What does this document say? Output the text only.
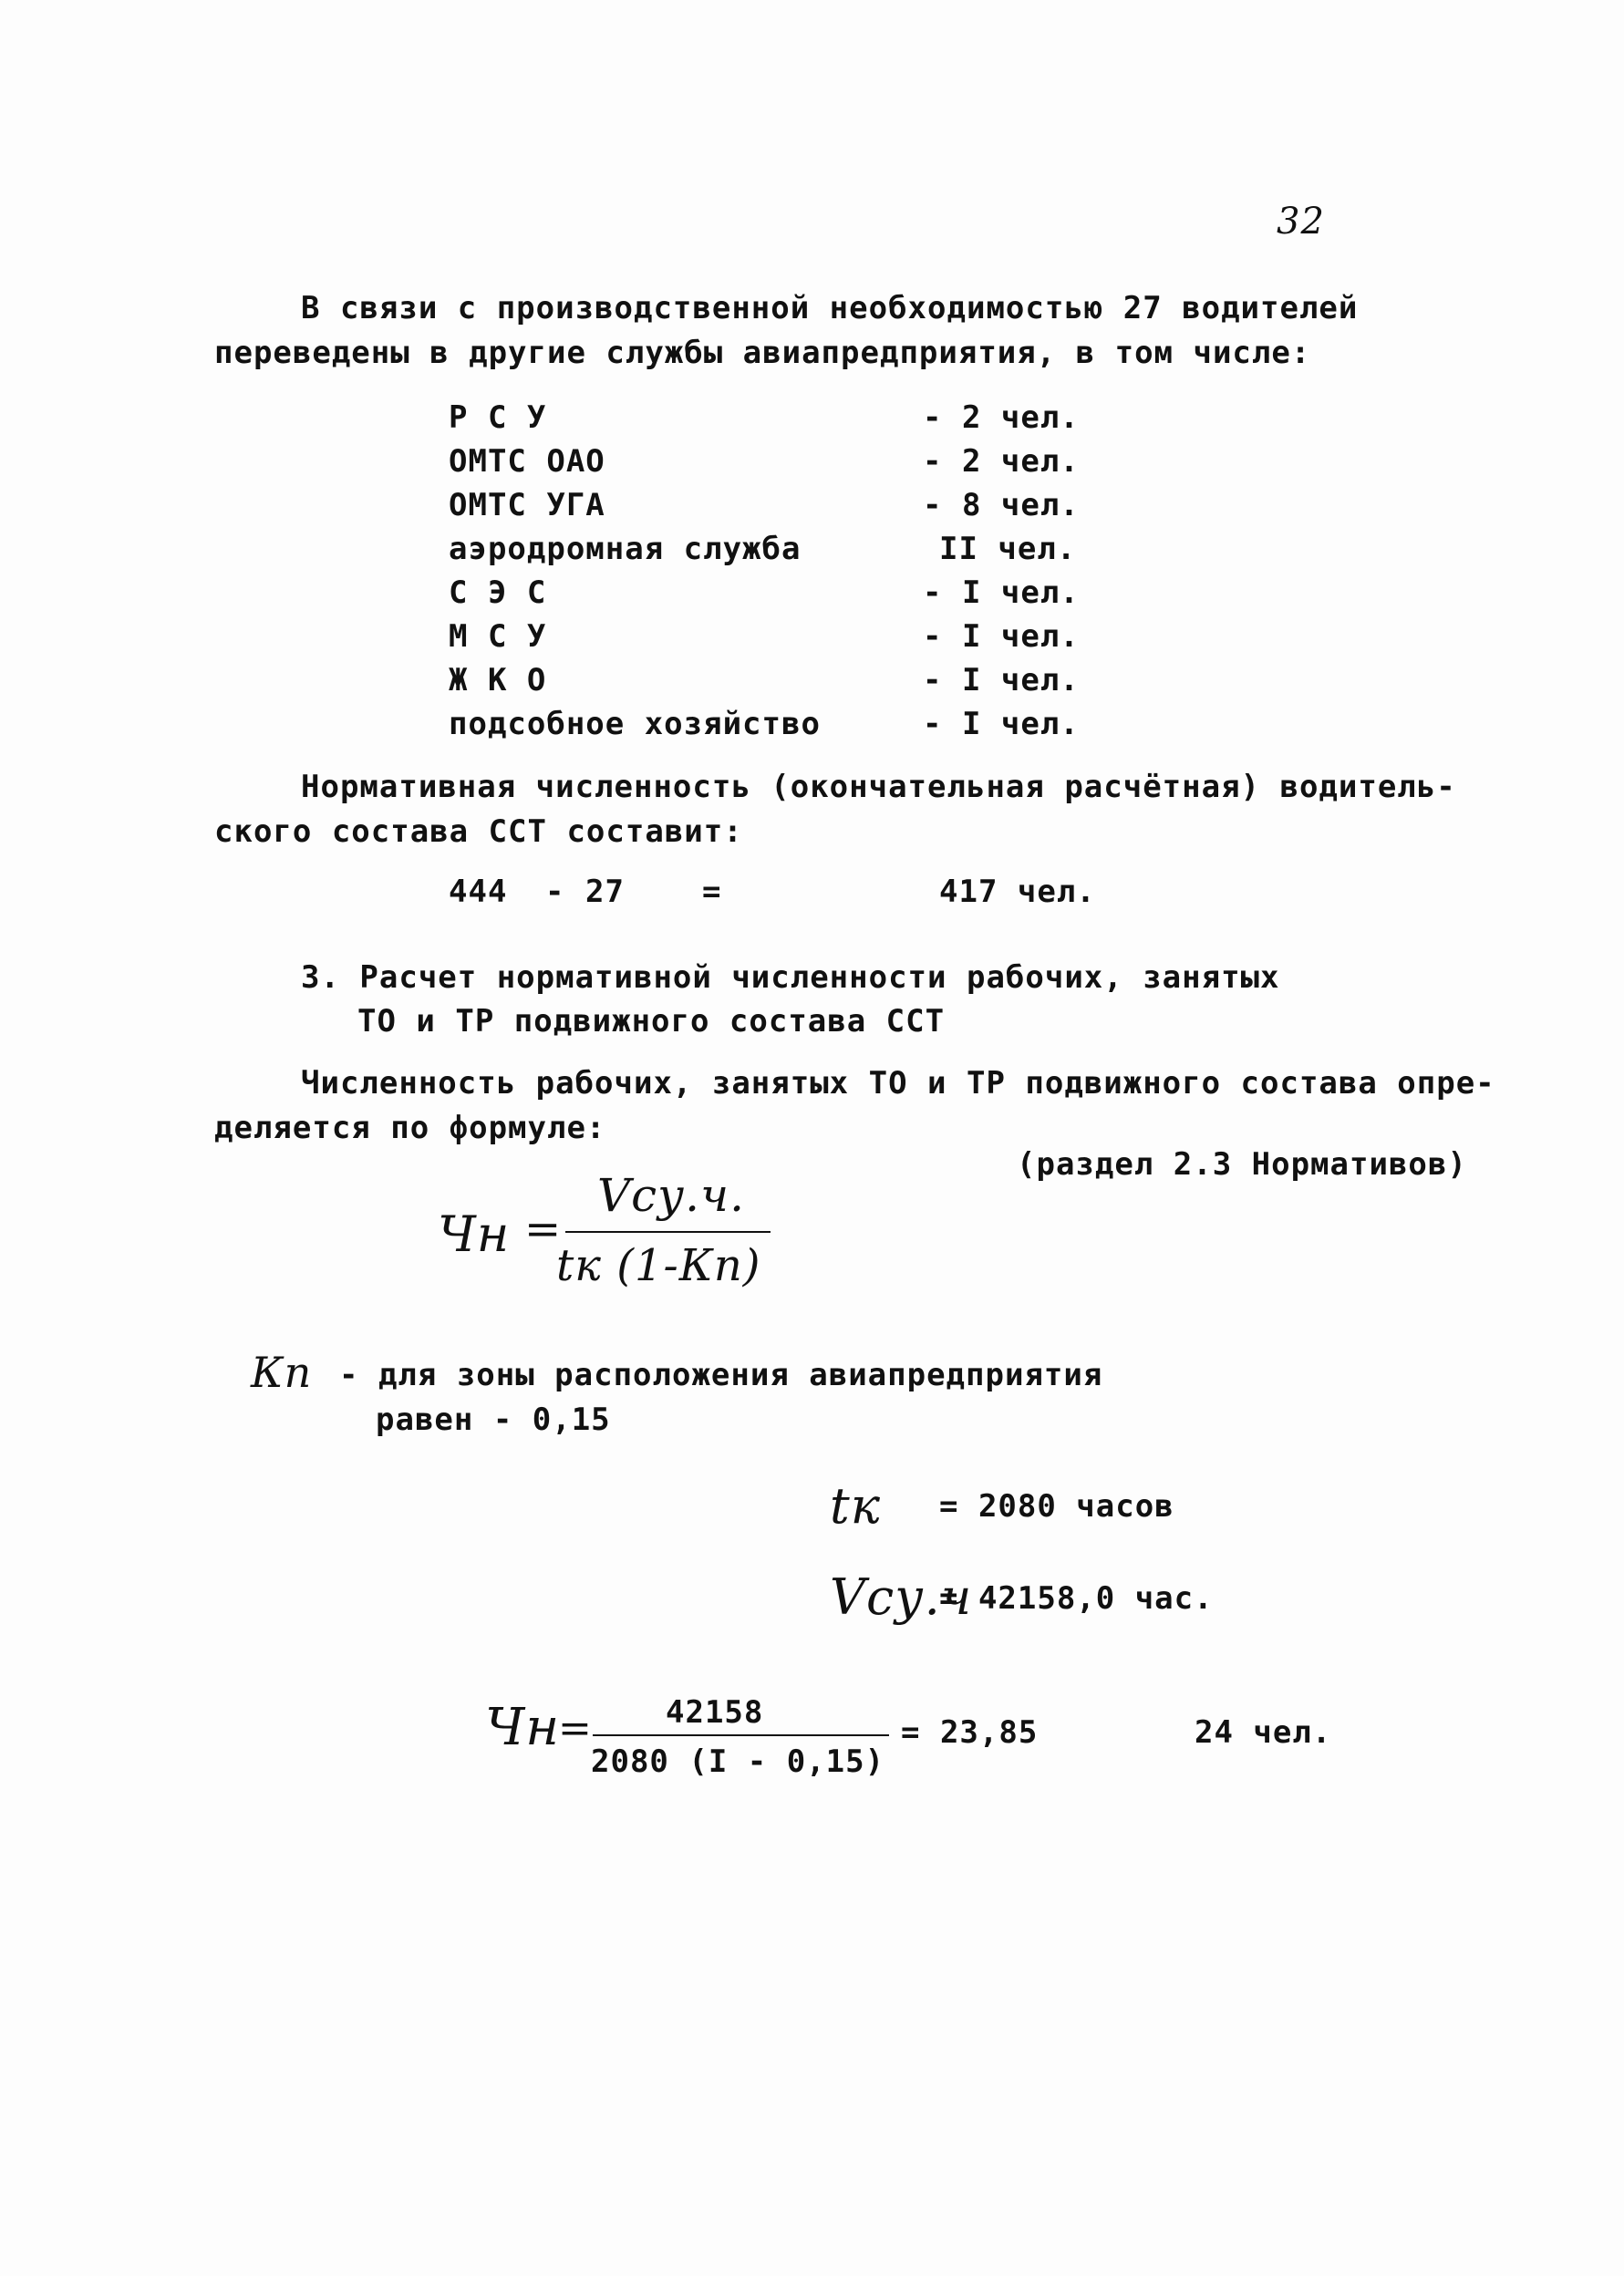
32
В связи с производственной необходимостью 27 водителей
переведены в другие службы авиапредприятия, в том числе:
Р С У	- 2 чел.
ОМТС ОАО	- 2 чел.
ОМТС УГА	- 8 чел.
аэродромная служба	II чел.
С Э С	- I чел.
М С У	- I чел.
Ж К О	- I чел.
подсобное хозяйство	- I чел.
Нормативная численность (окончательная расчётная) водитель-
ского состава ССТ составит:
444 - 27	=	417 чел.
3. Расчет нормативной численности рабочих, занятых
ТО и ТР подвижного состава ССТ
Численность рабочих, занятых ТО и ТР подвижного состава опре-
деляется по формуле:
(раздел 2.3 Нормативов)
Чн =
Vсу.ч.
tк (1-Кп)
Кп - для зоны расположения авиапредприятия
равен - 0,15
tк = 2080 часов
Vсу.ч
= 42158,0 час.
Чн
= 42158
2080 (I - 0,15)
= 23,85	24 чел.
